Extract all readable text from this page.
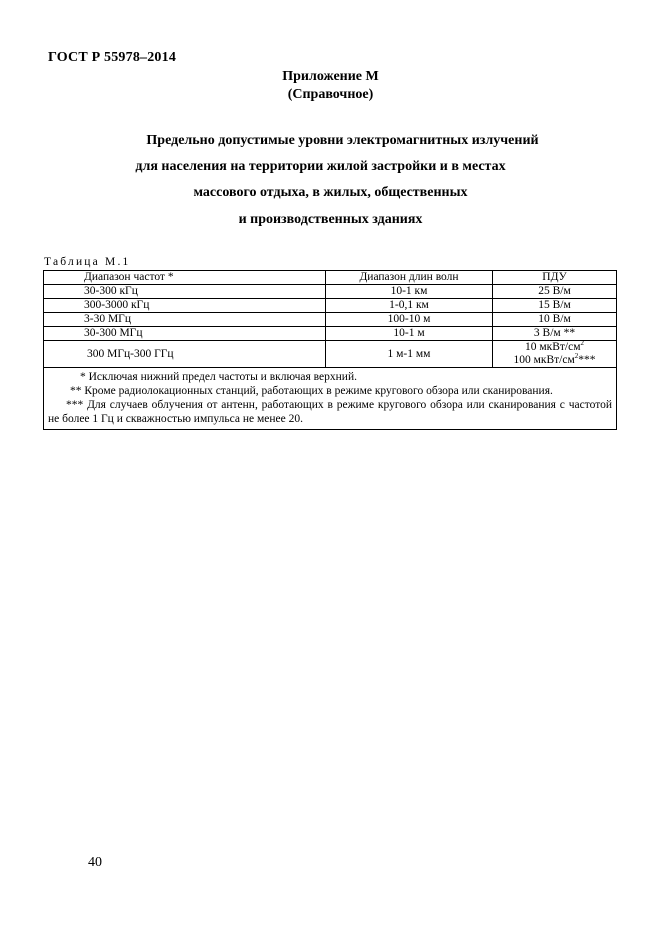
ГОСТ Р 55978–2014
Приложение М
(Справочное)
Предельно допустимые уровни электромагнитных излучений
для населения на территории жилой застройки и в местах
массового отдыха, в жилых, общественных
и производственных зданиях
Таблица М.1
Диапазон частот *	Диапазон длин волн	ПДУ
30-300 кГц	10-1 км	25 В/м
300-3000 кГц	1-0,1 км	15 В/м
3-30 МГц	100-10 м	10 В/м
30-300 МГц	10-1 м	3 В/м **
300 МГц-300 ГГц	1 м-1 мм	10 мкВт/$см^2$
100 мкВт/$см^2***$

* Исключая нижний предел частоты и включая верхний.
** Кроме радиолокационных станций, работающих в режиме кругового обзора или сканирования.
*** Для случаев облучения от антенн, работающих в режиме кругового обзора или сканирования с частотой не более 1 Гц и скважностью импульса не менее 20.		
40
